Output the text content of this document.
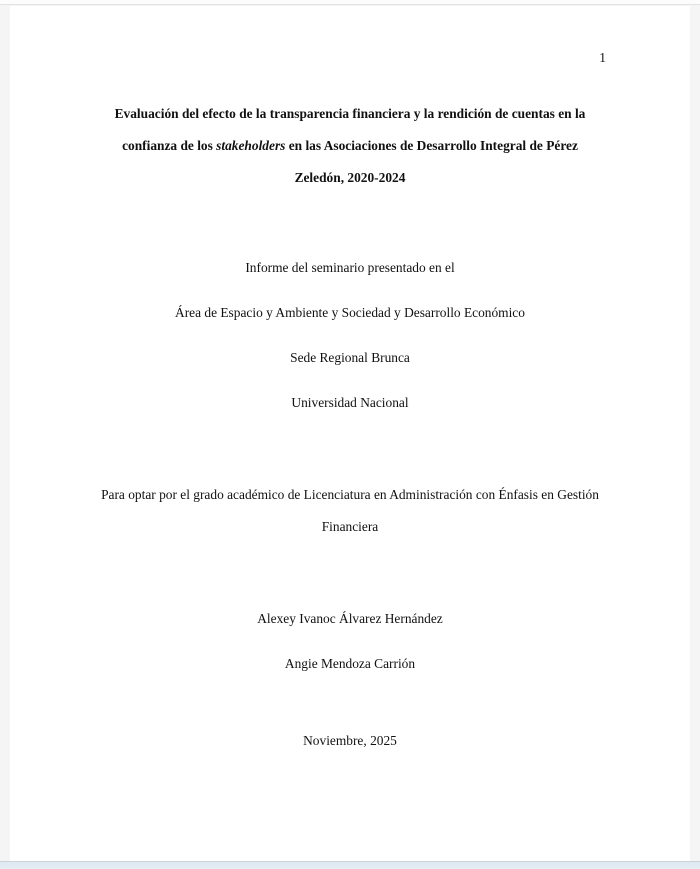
1
Evaluación del efecto de la transparencia financiera y la rendición de cuentas en la
confianza de los stakeholders en las Asociaciones de Desarrollo Integral de Pérez
Zeledón, 2020-2024

Informe del seminario presentado en el

Área de Espacio y Ambiente y Sociedad y Desarrollo Económico

Sede Regional Brunca

Universidad Nacional

Para optar por el grado académico de Licenciatura en Administración con Énfasis en Gestión
Financiera

Alexey Ivanoc Álvarez Hernández

Angie Mendoza Carrión

Noviembre, 2025
